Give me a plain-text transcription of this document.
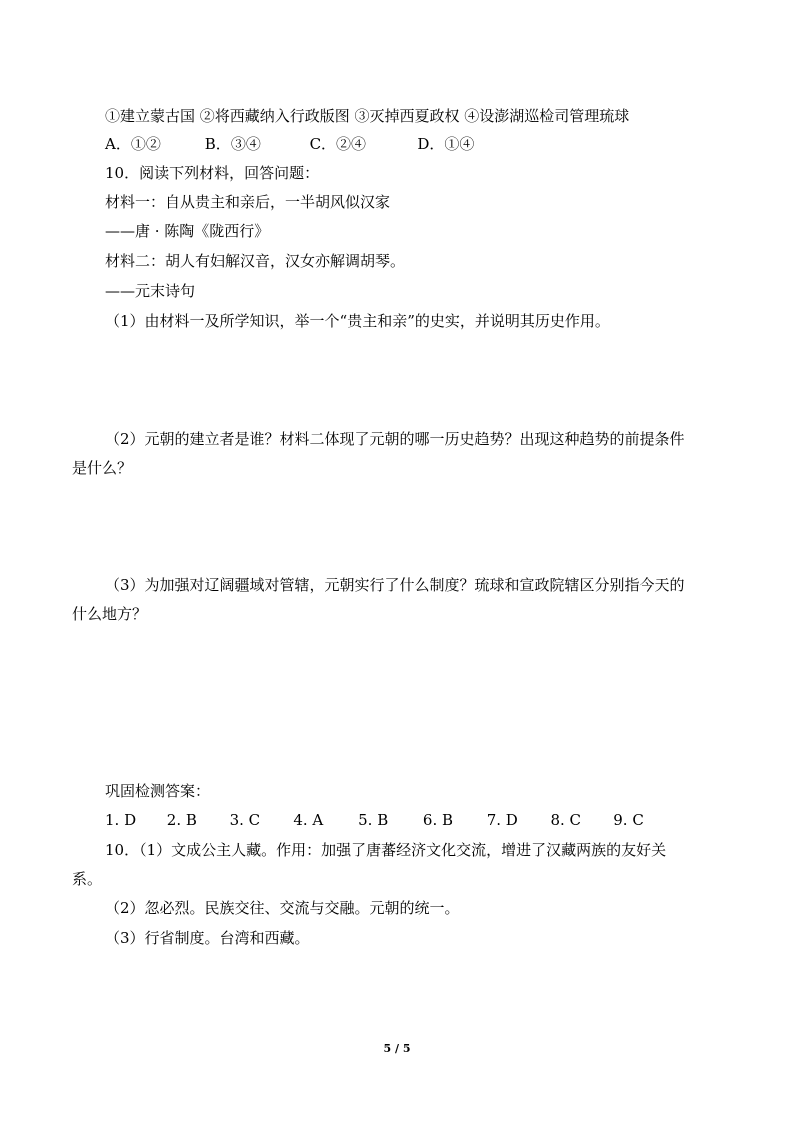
①建立蒙古国 ②将西藏纳入行政版图 ③灭掉西夏政权 ④设澎湖巡检司管理琉球
A．①②	B．③④	C．②④	D．①④
10．阅读下列材料，回答问题：
材料一：自从贵主和亲后，一半胡风似汉家
——唐 · 陈陶《陇西行》
材料二：胡人有妇解汉音，汉女亦解调胡琴。
——元末诗句
（1）由材料一及所学知识，举一个“贵主和亲”的史实，并说明其历史作用。
（2）元朝的建立者是谁？材料二体现了元朝的哪一历史趋势？出现这种趋势的前提条件
是什么？
（3）为加强对辽阔疆域对管辖，元朝实行了什么制度？琉球和宣政院辖区分别指今天的
什么地方？
巩固检测答案：
1. D 2. B 3. C 4. A 5. B 6. B 7. D 8. C 9. C
10．（1）文成公主人藏。作用：加强了唐蕃经济文化交流，增进了汉藏两族的友好关
系。
（2）忽必烈。民族交往、交流与交融。元朝的统一。
（3）行省制度。台湾和西藏。
5 / 5
